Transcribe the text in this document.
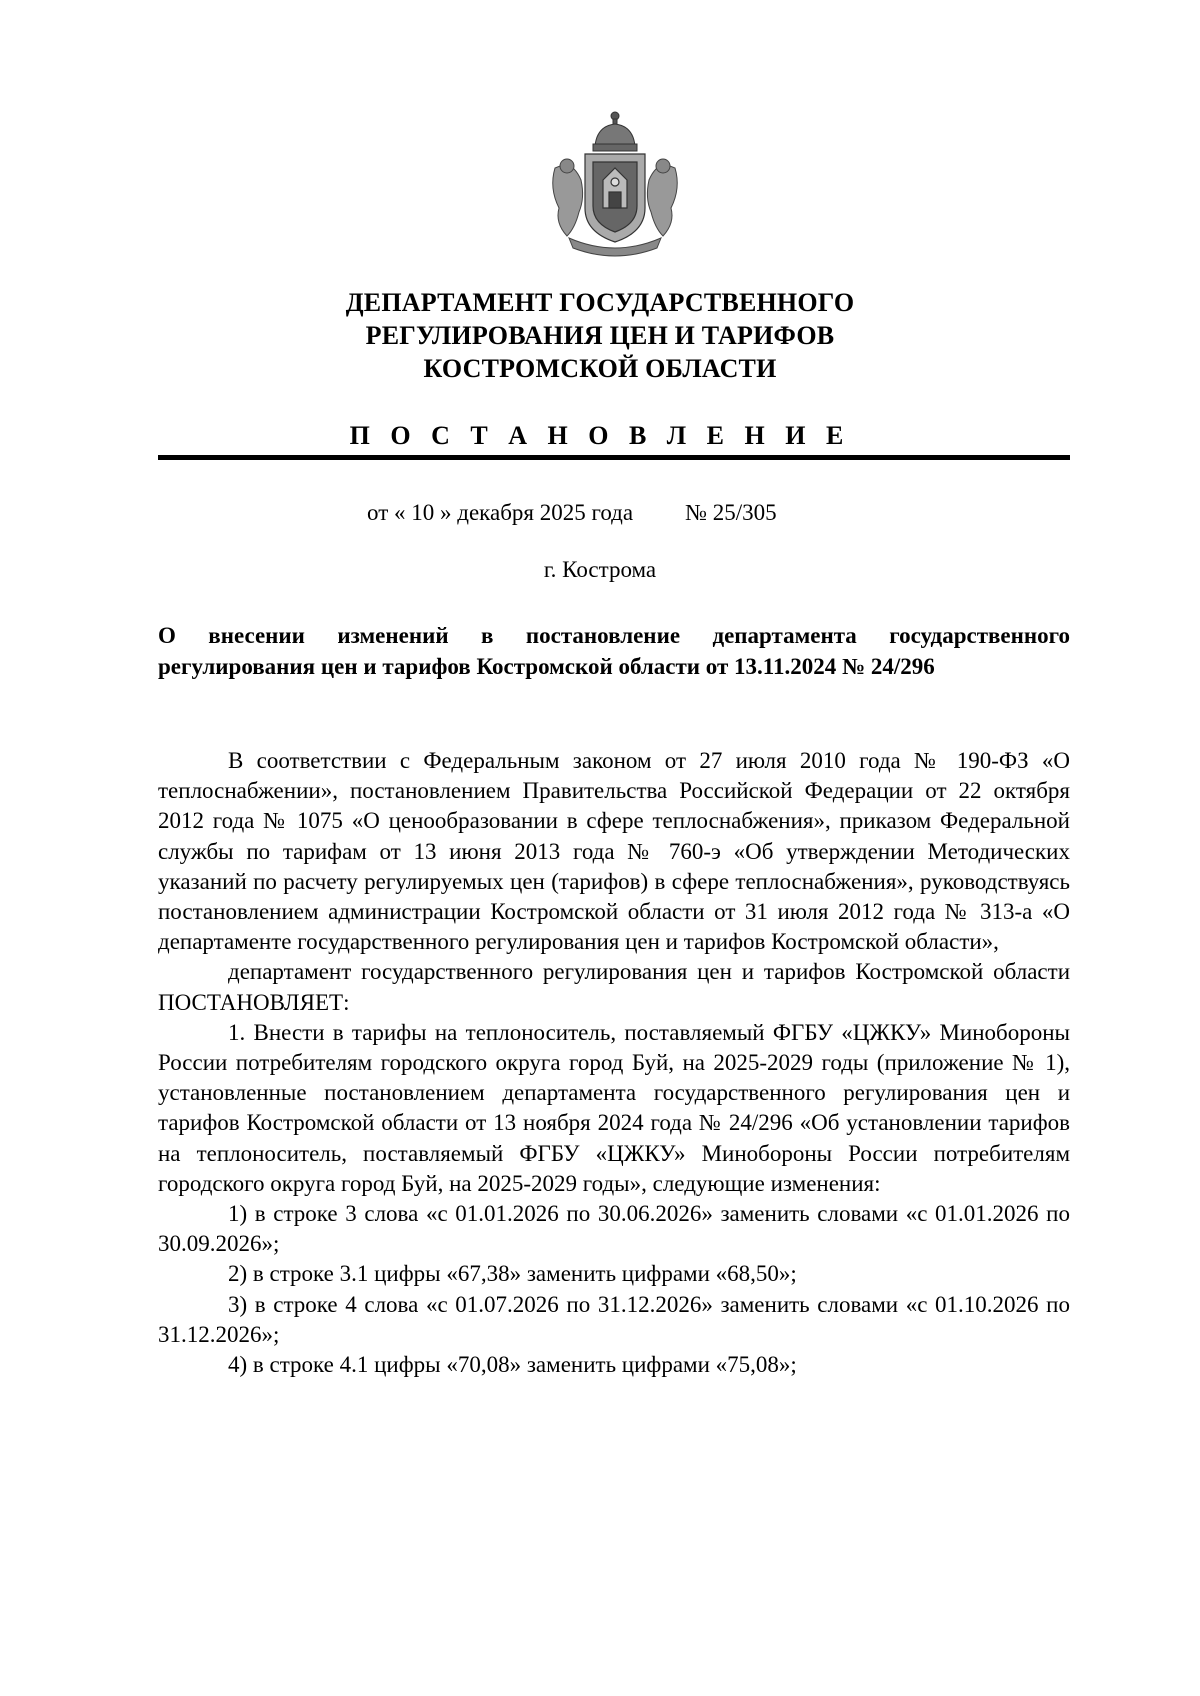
ДЕПАРТАМЕНТ ГОСУДАРСТВЕННОГО
РЕГУЛИРОВАНИЯ ЦЕН И ТАРИФОВ
КОСТРОМСКОЙ ОБЛАСТИ
П О С Т А Н О В Л Е Н И Е
от « 10 » декабря 2025 года № 25/305
г. Кострома
О внесении изменений в постановление департамента государственного регулирования цен и тарифов Костромской области от 13.11.2024 № 24/296

В соответствии с Федеральным законом от 27 июля 2010 года № 190-ФЗ «О теплоснабжении», постановлением Правительства Российской Федерации от 22 октября 2012 года № 1075 «О ценообразовании в сфере теплоснабжения», приказом Федеральной службы по тарифам от 13 июня 2013 года № 760-э «Об утверждении Методических указаний по расчету регулируемых цен (тарифов) в сфере теплоснабжения», руководствуясь постановлением администрации Костромской области от 31 июля 2012 года № 313-а «О департаменте государственного регулирования цен и тарифов Костромской области»,

департамент государственного регулирования цен и тарифов Костромской области ПОСТАНОВЛЯЕТ:

1. Внести в тарифы на теплоноситель, поставляемый ФГБУ «ЦЖКУ» Минобороны России потребителям городского округа город Буй, на 2025-2029 годы (приложение № 1), установленные постановлением департамента государственного регулирования цен и тарифов Костромской области от 13 ноября 2024 года № 24/296 «Об установлении тарифов на теплоноситель, поставляемый ФГБУ «ЦЖКУ» Минобороны России потребителям городского округа город Буй, на 2025-2029 годы», следующие изменения:

1) в строке 3 слова «с 01.01.2026 по 30.06.2026» заменить словами «с 01.01.2026 по 30.09.2026»;

2) в строке 3.1 цифры «67,38» заменить цифрами «68,50»;

3) в строке 4 слова «с 01.07.2026 по 31.12.2026» заменить словами «с 01.10.2026 по 31.12.2026»;

4) в строке 4.1 цифры «70,08» заменить цифрами «75,08»;
